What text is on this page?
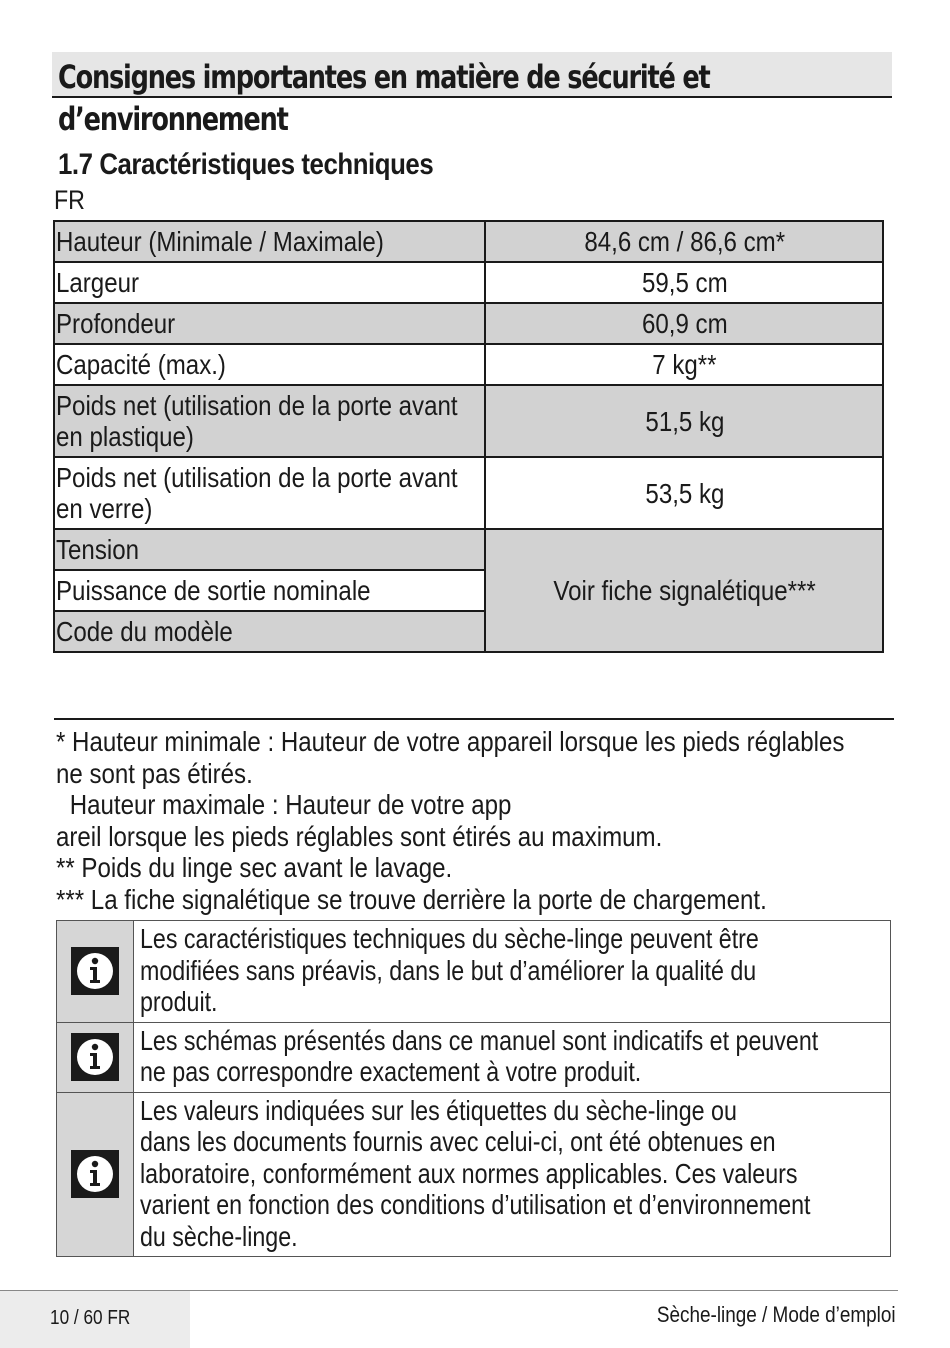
Consignes importantes en matière de sécurité et
d’environnement
1.7 Caractéristiques techniques
FR
Hauteur (Minimale / Maximale)	84,6 cm / 86,6 cm*
Largeur	59,5 cm
Profondeur	60,9 cm
Capacité (max.)	7 kg**

Poids net (utilisation de la porte avant
en plastique)	51,5 kg

Poids net (utilisation de la porte avant
en verre)	53,5 kg
Tension	Voir fiche signalétique***
Puissance de sortie nominale	
Code du modèle	
* Hauteur minimale : Hauteur de votre appareil lorsque les pieds réglables
ne sont pas étirés.
Hauteur maximale : Hauteur de votre app
areil lorsque les pieds réglables sont étirés au maximum.
** Poids du linge sec avant le lavage.
*** La fiche signalétique se trouve derrière la porte de chargement.

Les caractéristiques techniques du sèche-linge peuvent être
modifiées sans préavis, dans le but d’améliorer la qualité du
produit.

Les schémas présentés dans ce manuel sont indicatifs et peuvent
ne pas correspondre exactement à votre produit.

Les valeurs indiquées sur les étiquettes du sèche-linge ou
dans les documents fournis avec celui-ci, ont été obtenues en
laboratoire, conformément aux normes applicables. Ces valeurs
varient en fonction des conditions d’utilisation et d’environnement
du sèche-linge.
10 / 60 FR	Sèche-linge / Mode d’emploi
